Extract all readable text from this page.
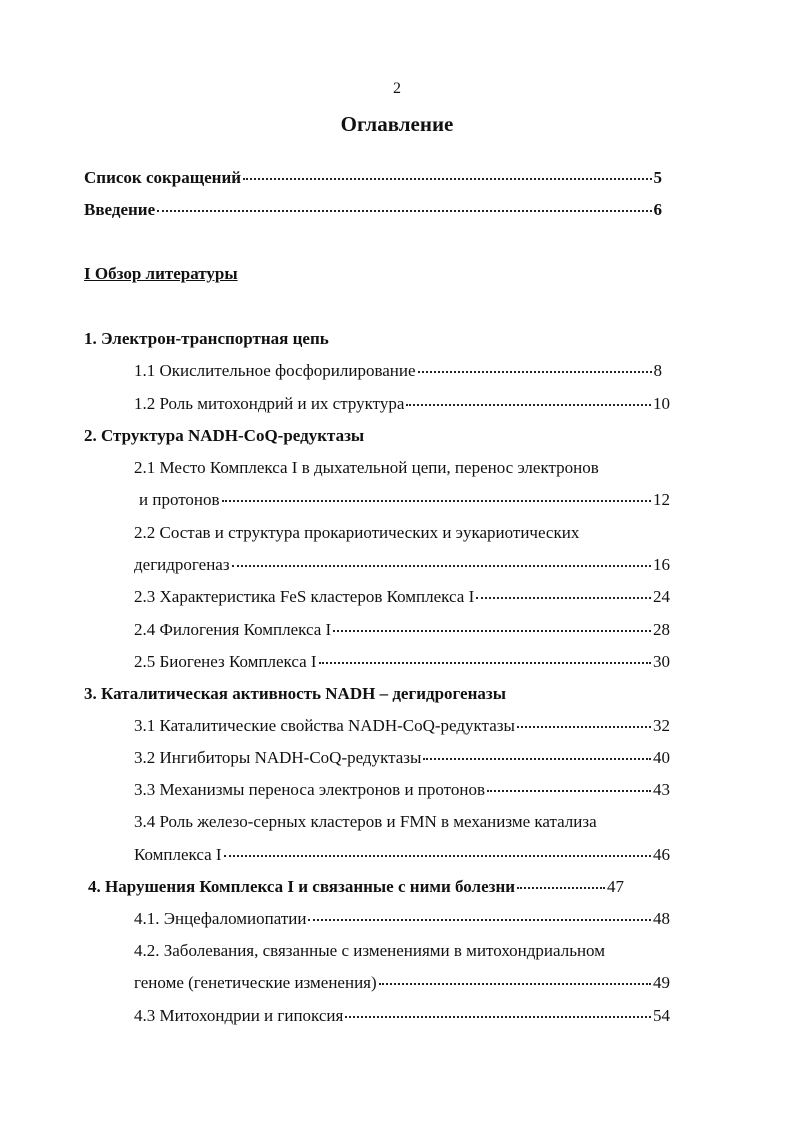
2
Оглавление
Список сокращений	5
Введение	6
I Обзор литературы
1. Электрон-транспортная цепь
1.1 Окислительное фосфорилирование	8
1.2 Роль митохондрий и их структура	10
2. Структура NADH-CoQ-редуктазы
2.1 Место Комплекса I в дыхательной цепи, перенос электронов
и протонов	12
2.2 Состав и структура прокариотических и эукариотических
дегидрогеназ	16
2.3 Характеристика FeS кластеров Комплекса I	24
2.4 Филогения Комплекса I	28
2.5 Биогенез Комплекса I	30
3. Каталитическая активность NADH – дегидрогеназы
3.1 Каталитические свойства NADH-CoQ-редуктазы	32
3.2 Ингибиторы NADH-CoQ-редуктазы	40
3.3 Механизмы переноса электронов и протонов	43
3.4 Роль железо-серных кластеров и FMN в механизме катализа
Комплекса I	46
4. Нарушения Комплекса I и связанные с ними болезни	47
4.1. Энцефаломиопатии	48
4.2. Заболевания, связанные с изменениями в митохондриальном
геноме (генетические изменения)	49
4.3 Митохондрии и гипоксия	54
